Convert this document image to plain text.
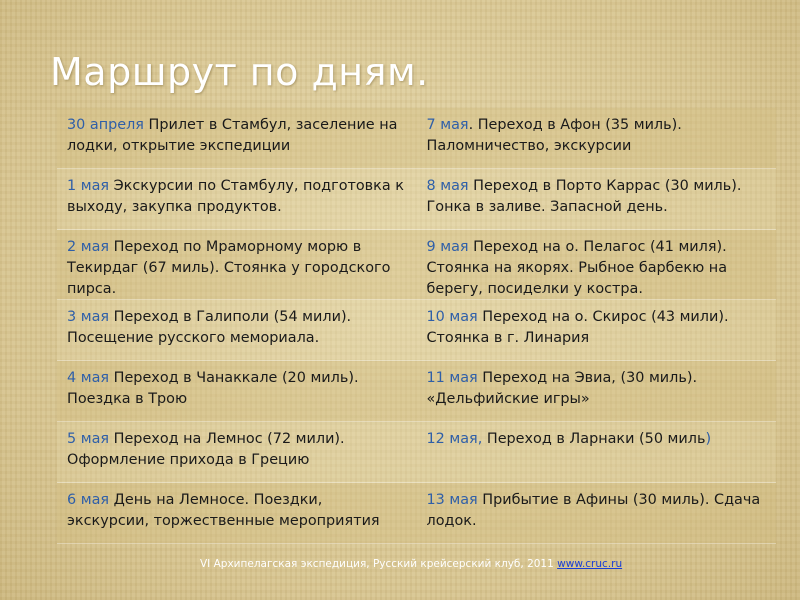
Маршрут по дням.
30 апреля Прилет в Стамбул, заселение на лодки, открытие экспедиции
7 мая. Переход в Афон (35 миль). Паломничество, экскурсии
1 мая Экскурсии по Стамбулу, подготовка к выходу, закупка продуктов.
8 мая Переход в Порто Каррас (30 миль). Гонка в заливе. Запасной день.
2 мая Переход по Мраморному морю в Текирдаг (67 миль). Стоянка у городского пирса.
9 мая Переход на о. Пелагос (41 миля). Стоянка на якорях. Рыбное барбекю на берегу, посиделки у костра.
3 мая Переход в Галиполи (54 мили). Посещение русского мемориала.
10 мая Переход на о. Скирос (43 мили). Стоянка в г. Линария
4 мая Переход в Чанаккале (20 миль). Поездка в Трою
11 мая Переход на Эвиа, (30 миль). «Дельфийские игры»
5 мая Переход на Лемнос (72 мили). Оформление прихода в Грецию
12 мая, Переход в Ларнаки (50 миль)
6 мая День на Лемносе. Поездки, экскурсии, торжественные мероприятия
13 мая Прибытие в Афины (30 миль). Сдача лодок.
VI Архипелагская экспедиция, Русский крейсерский клуб, 2011 www.cruc.ru
